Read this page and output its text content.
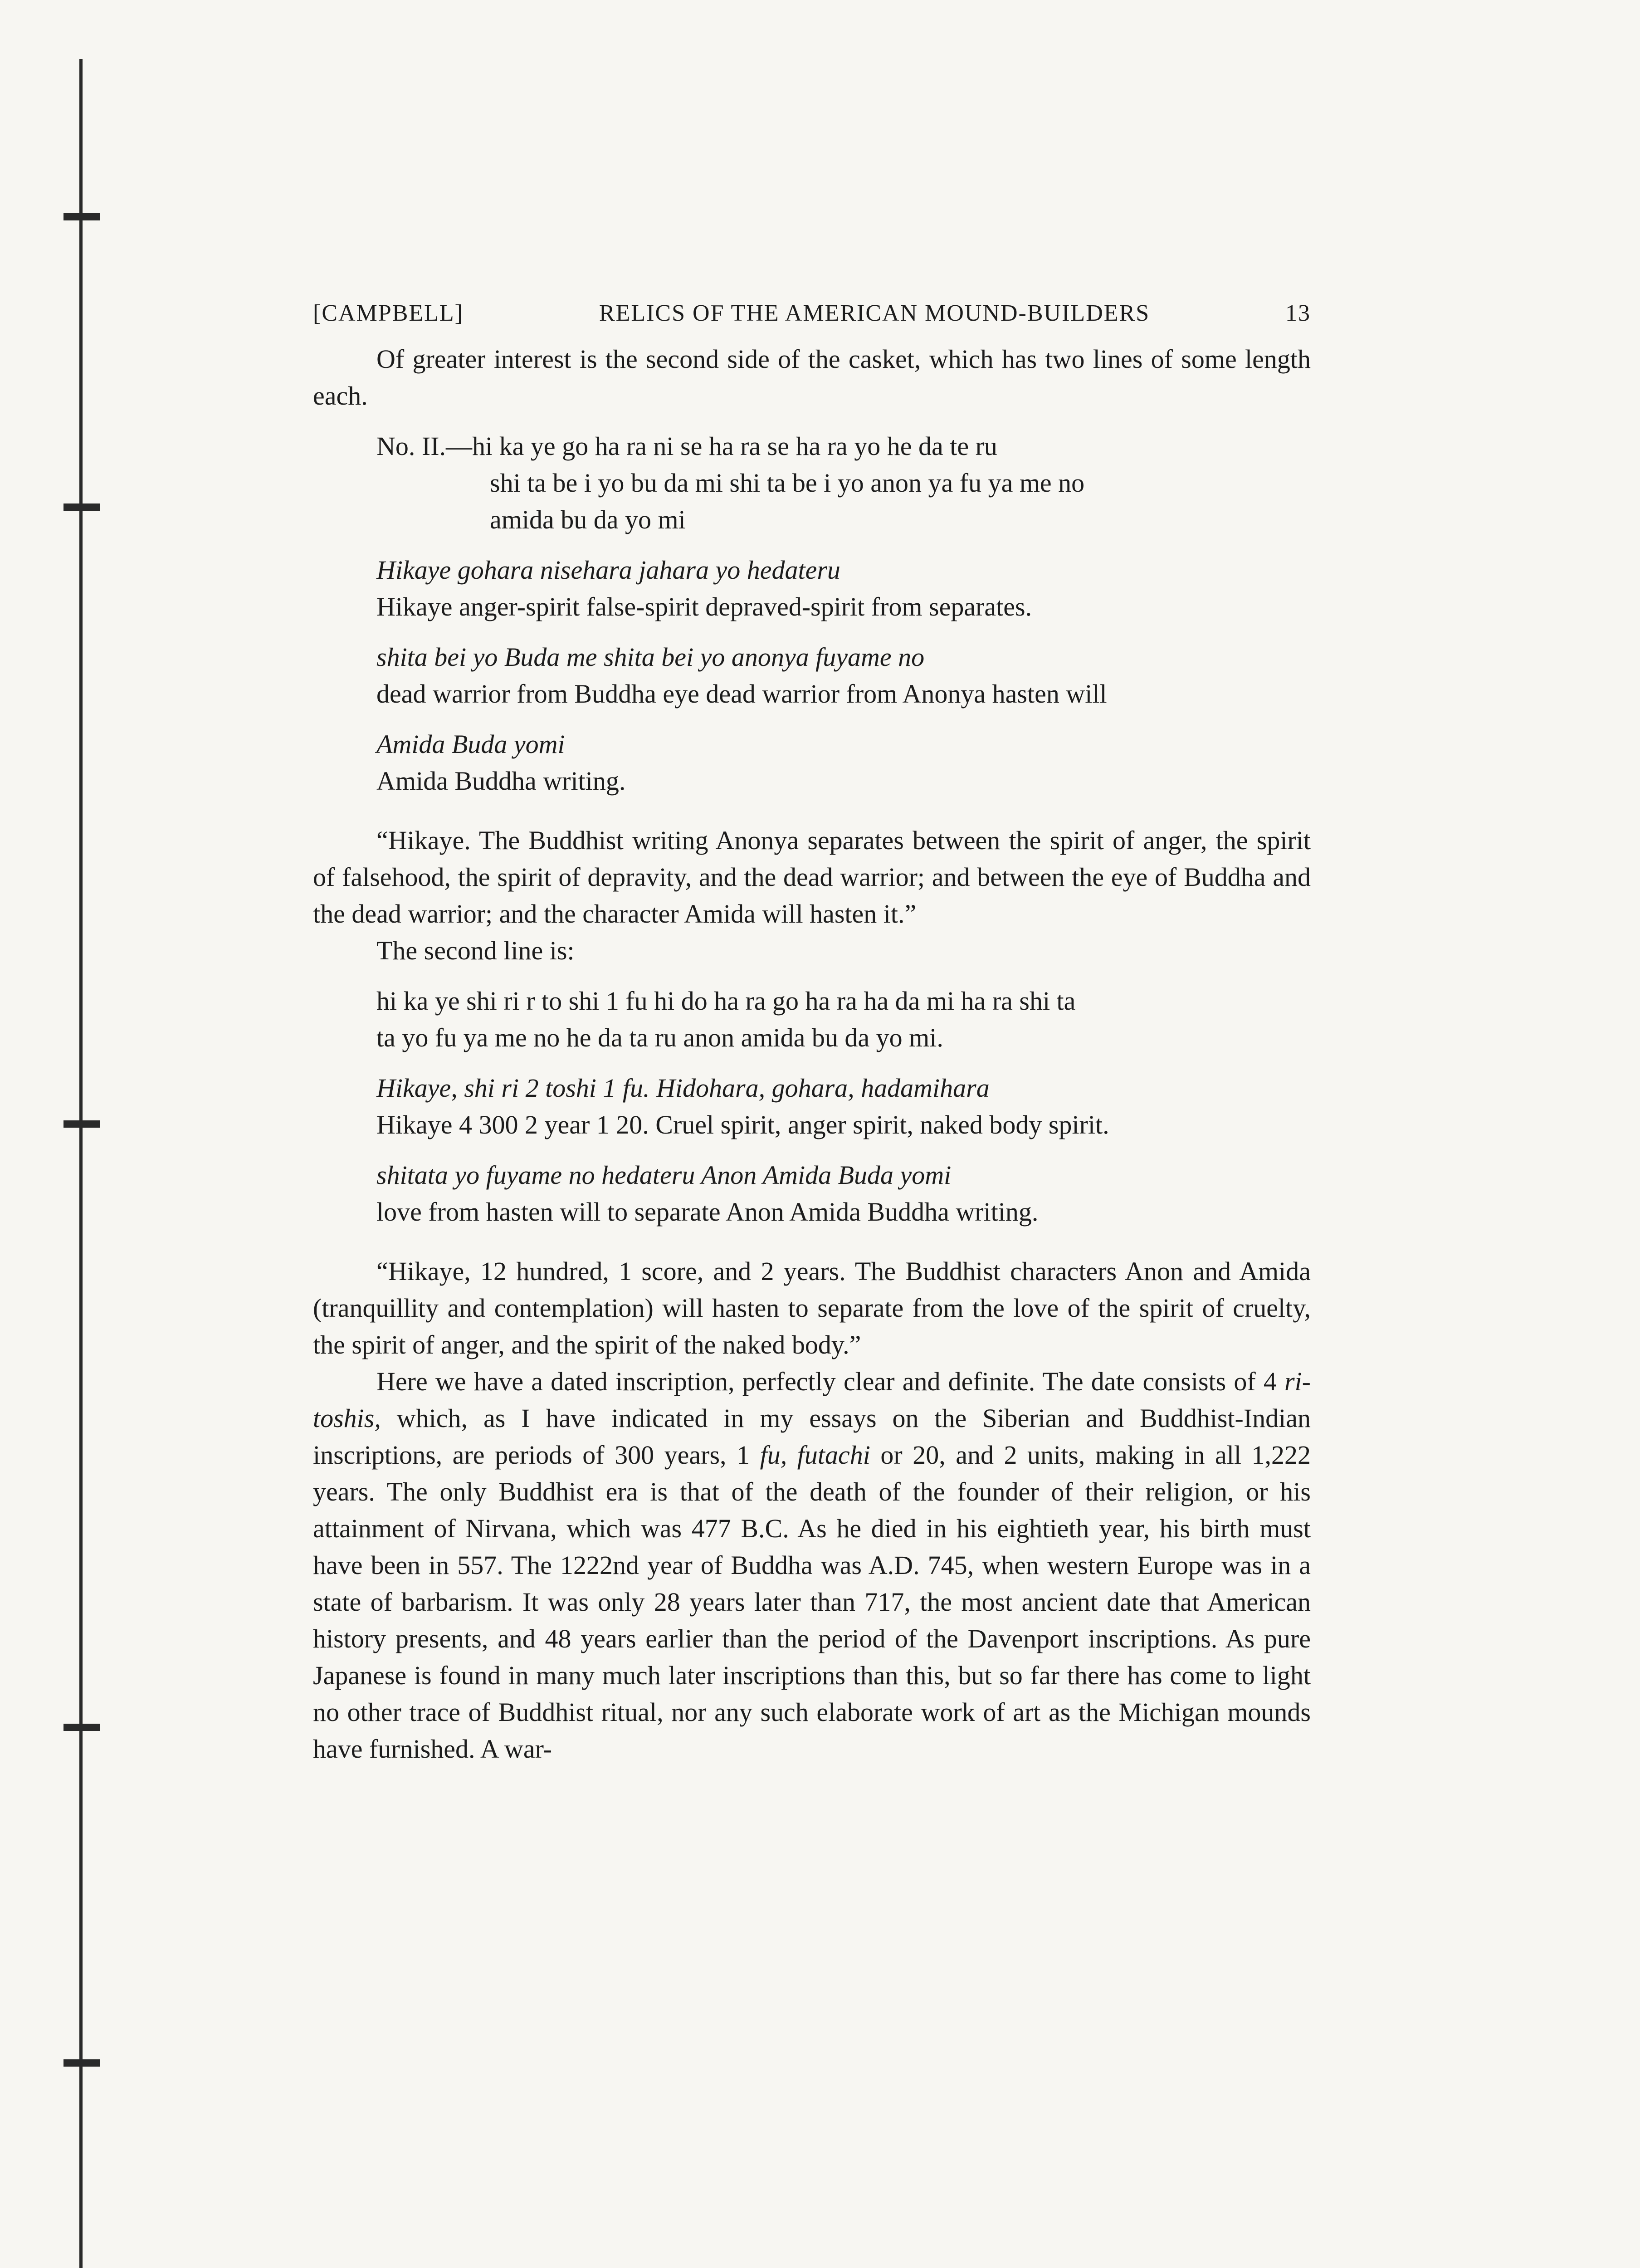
[CAMPBELL]	RELICS OF THE AMERICAN MOUND-BUILDERS	13

Of greater interest is the second side of the casket, which has two lines of some length each.

No. II.—hi ka ye go ha ra ni se ha ra se ha ra yo he da te ru
shi ta be i yo bu da mi shi ta be i yo anon ya fu ya me no
amida bu da yo mi
Hikaye gohara nisehara jahara yo hedateru
Hikaye anger-spirit false-spirit depraved-spirit from separates.
shita bei yo Buda me shita bei yo anonya fuyame no
dead warrior from Buddha eye dead warrior from Anonya hasten will
Amida Buda yomi
Amida Buddha writing.

“Hikaye. The Buddhist writing Anonya separates between the spirit of anger, the spirit of falsehood, the spirit of depravity, and the dead warrior; and between the eye of Buddha and the dead warrior; and the character Amida will hasten it.”

The second line is:

hi ka ye shi ri r to shi 1 fu hi do ha ra go ha ra ha da mi ha ra shi ta
ta yo fu ya me no he da ta ru anon amida bu da yo mi.
Hikaye, shi ri 2 toshi 1 fu. Hidohara, gohara, hadamihara
Hikaye 4 300 2 year 1 20. Cruel spirit, anger spirit, naked body spirit.
shitata yo fuyame no hedateru Anon Amida Buda yomi
love from hasten will to separate Anon Amida Buddha writing.

“Hikaye, 12 hundred, 1 score, and 2 years. The Buddhist characters Anon and Amida (tranquillity and contemplation) will hasten to separate from the love of the spirit of cruelty, the spirit of anger, and the spirit of the naked body.”

Here we have a dated inscription, perfectly clear and definite. The date consists of 4 ri-toshis, which, as I have indicated in my essays on the Siberian and Buddhist-Indian inscriptions, are periods of 300 years, 1 fu, futachi or 20, and 2 units, making in all 1,222 years. The only Buddhist era is that of the death of the founder of their religion, or his attainment of Nirvana, which was 477 B.C. As he died in his eightieth year, his birth must have been in 557. The 1222nd year of Buddha was A.D. 745, when western Europe was in a state of barbarism. It was only 28 years later than 717, the most ancient date that American history presents, and 48 years earlier than the period of the Davenport inscriptions. As pure Japanese is found in many much later inscriptions than this, but so far there has come to light no other trace of Buddhist ritual, nor any such elaborate work of art as the Michigan mounds have furnished. A war-
